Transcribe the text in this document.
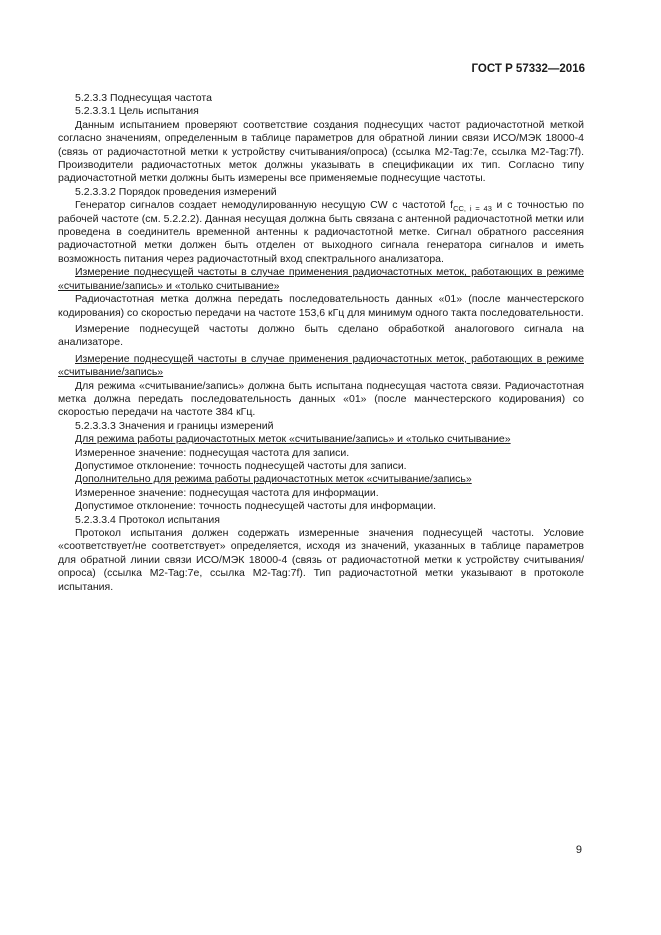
ГОСТ Р 57332—2016

5.2.3.3 Поднесущая частота

5.2.3.3.1 Цель испытания

Данным испытанием проверяют соответствие создания поднесущих частот радиочастотной меткой согласно значениям, определенным в таблице параметров для обратной линии связи ИСО/МЭК 18000-4 (связь от радиочастотной метки к устройству считывания/опроса) (ссылка M2-Tag:7e, ссылка M2-Tag:7f). Производители радиочастотных меток должны указывать в спецификации их тип. Согласно типу радиочастотной метки должны быть измерены все применяемые поднесущие частоты.

5.2.3.3.2 Порядок проведения измерений

Генератор сигналов создает немодулированную несущую CW с частотой $f_{CC, i = 43}$ и с точностью по рабочей частоте (см. 5.2.2.2). Данная несущая должна быть связана с антенной радиочастотной метки или проведена в соединитель временной антенны к радиочастотной метке. Сигнал обратного рассеяния радиочастотной метки должен быть отделен от выходного сигнала генератора сигналов и иметь возможность питания через радиочастотный вход спектрального анализатора.

Измерение поднесущей частоты в случае применения радиочастотных меток, работающих в режиме «считывание/запись» и «только считывание»

Радиочастотная метка должна передать последовательность данных «01» (после манчестерского кодирования) со скоростью передачи на частоте 153,6 кГц для минимум одного такта последовательности.

Измерение поднесущей частоты должно быть сделано обработкой аналогового сигнала на анализаторе.

Измерение поднесущей частоты в случае применения радиочастотных меток, работающих в режиме «считывание/запись»

Для режима «считывание/запись» должна быть испытана поднесущая частота связи. Радиочастотная метка должна передать последовательность данных «01» (после манчестерского кодирования) со скоростью передачи на частоте 384 кГц.

5.2.3.3.3 Значения и границы измерений

Для режима работы радиочастотных меток «считывание/запись» и «только считывание»

Измеренное значение: поднесущая частота для записи.

Допустимое отклонение: точность поднесущей частоты для записи.

Дополнительно для режима работы радиочастотных меток «считывание/запись»

Измеренное значение: поднесущая частота для информации.

Допустимое отклонение: точность поднесущей частоты для информации.

5.2.3.3.4 Протокол испытания

Протокол испытания должен содержать измеренные значения поднесущей частоты. Условие «соответствует/не соответствует» определяется, исходя из значений, указанных в таблице параметров для обратной линии связи ИСО/МЭК 18000-4 (связь от радиочастотной метки к устройству считывания/опроса) (ссылка M2-Tag:7e, ссылка M2-Tag:7f). Тип радиочастотной метки указывают в протоколе испытания.

9
